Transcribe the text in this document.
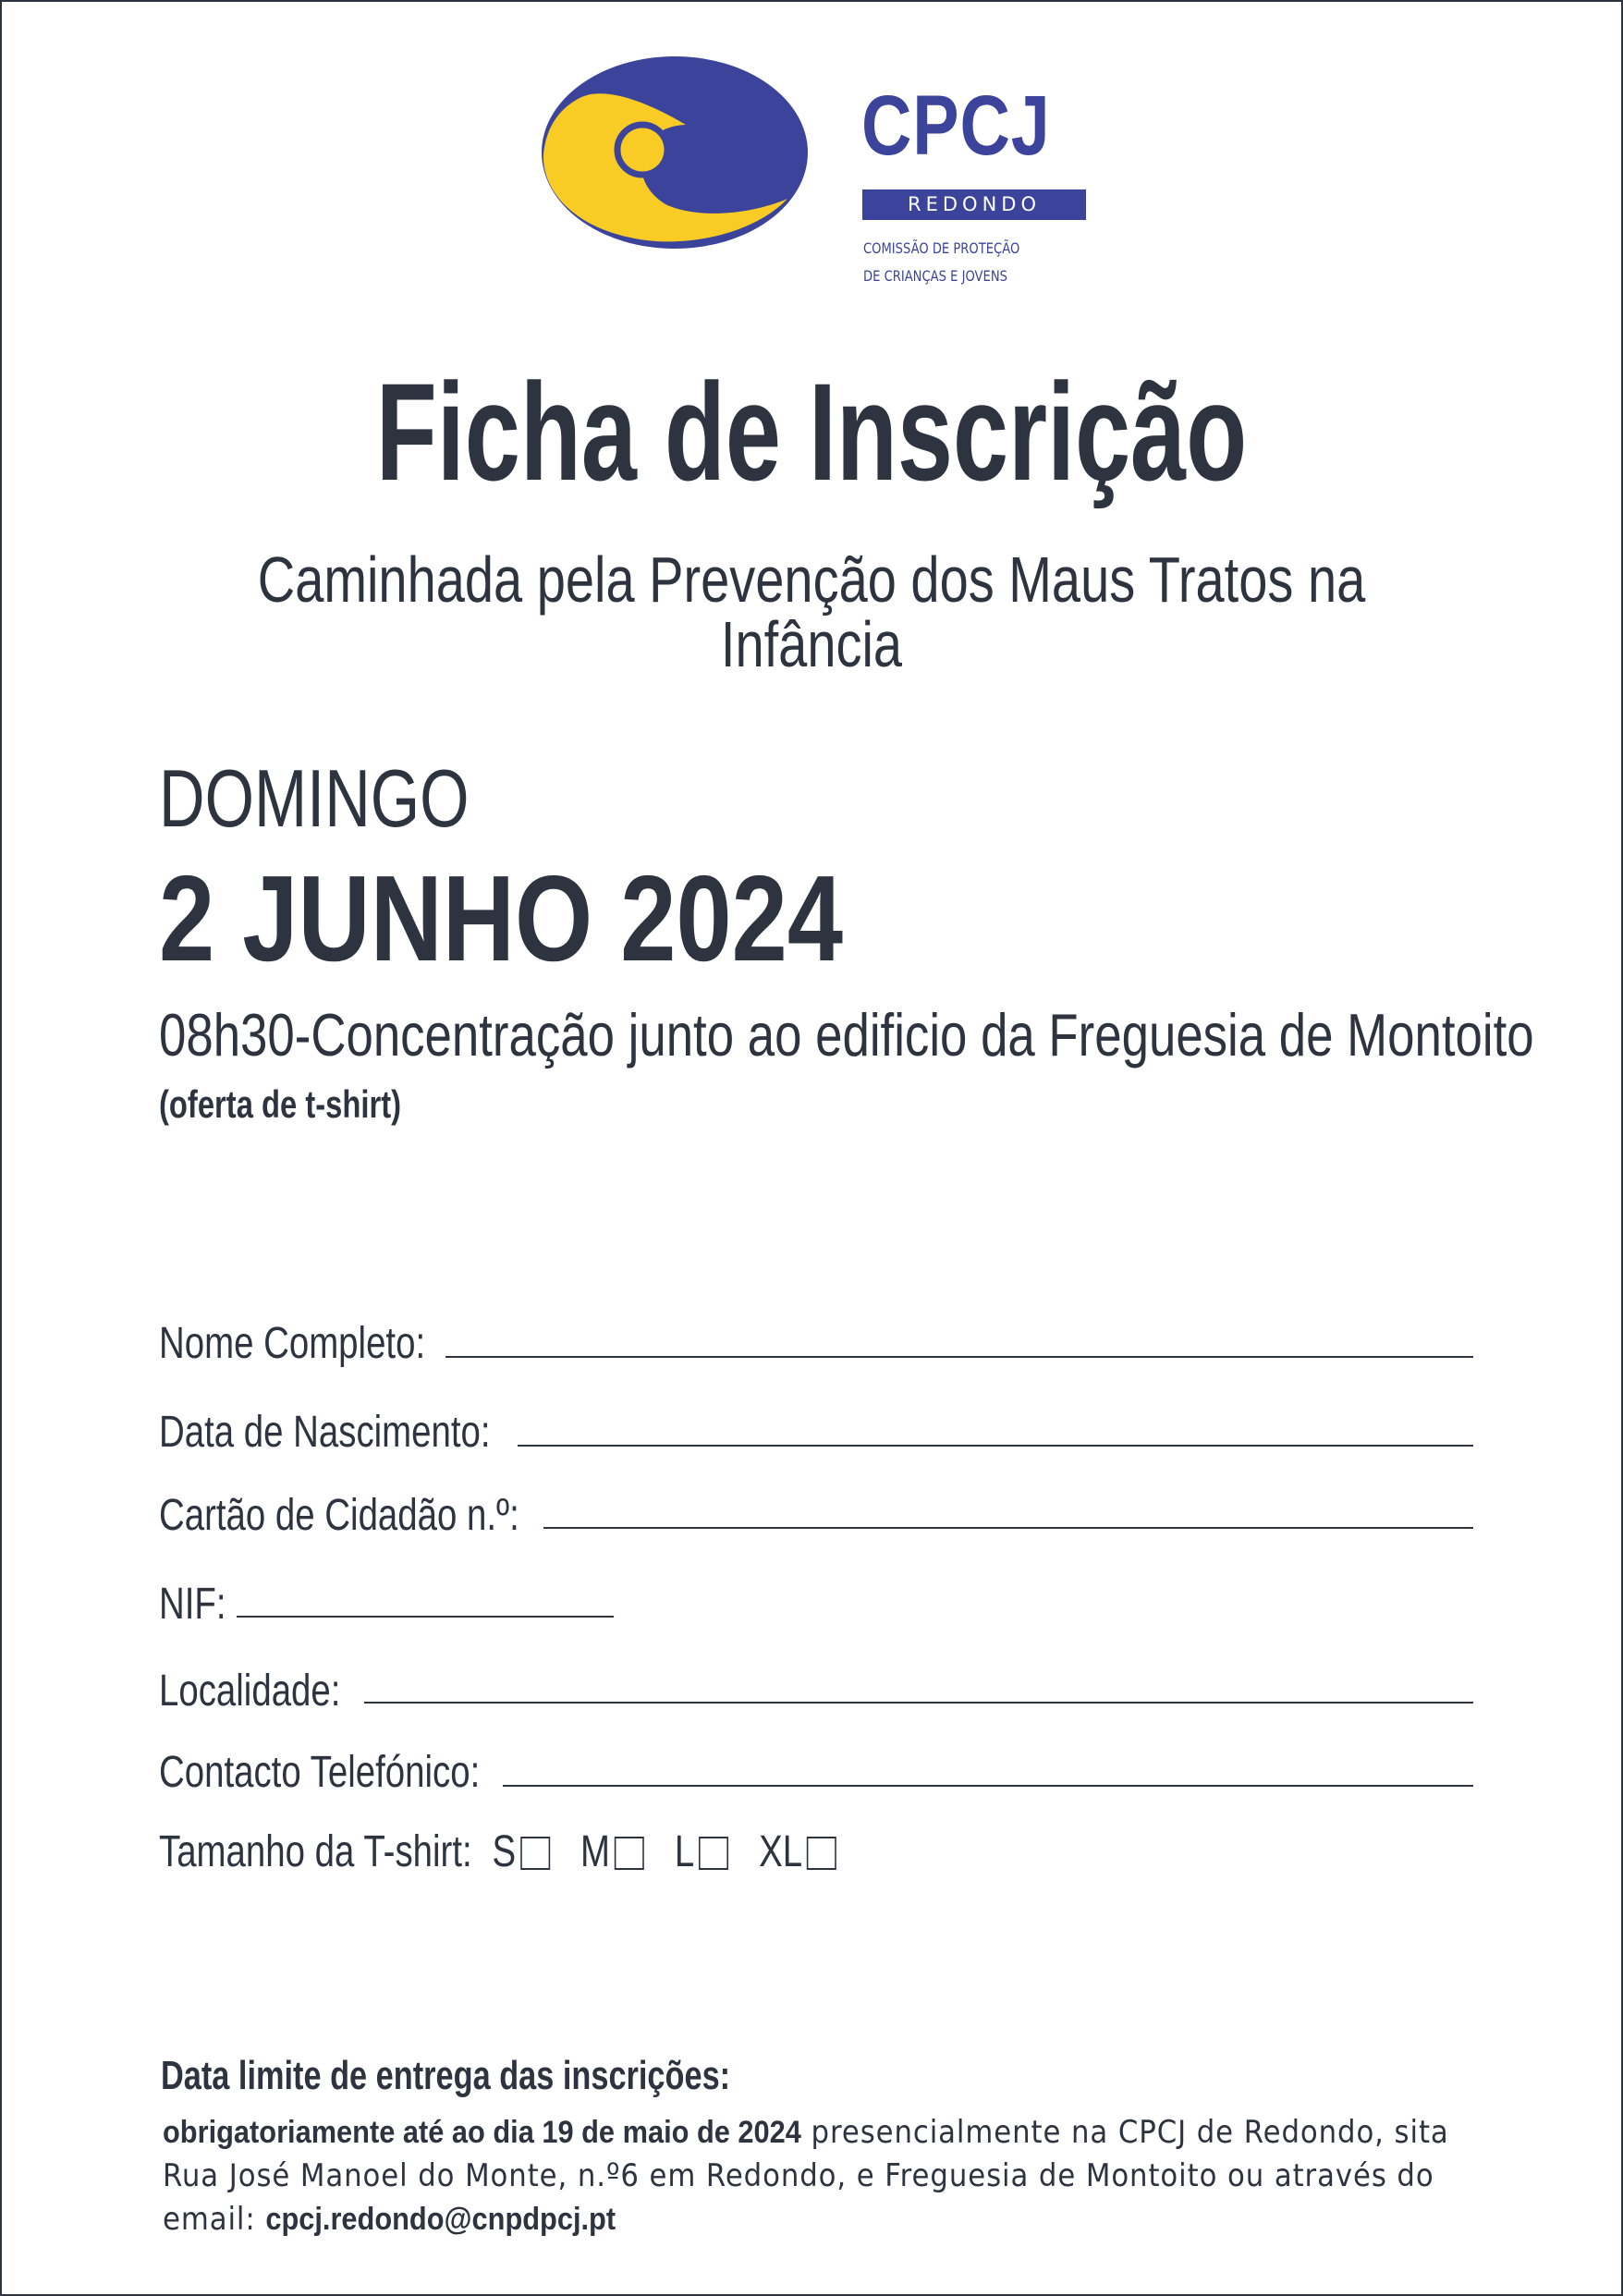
CPCJ
REDONDO
COMISSÃO DE PROTEÇÃO
DE CRIANÇAS E JOVENS
Ficha de Inscrição
Caminhada pela Prevenção dos Maus Tratos na Infância
DOMINGO
2 JUNHO 2024
08h30-Concentração junto ao edificio da Freguesia de Montoito
(oferta de t-shirt)
Nome Completo:
Data de Nascimento:
Cartão de Cidadão n.º:
NIF:
Localidade:
Contacto Telefónico:
Tamanho da T-shirt: S M L XL
Data limite de entrega das inscrições:
obrigatoriamente até ao dia 19 de maio de 2024 presencialmente na CPCJ de Redondo, sita
Rua José Manoel do Monte, n.º6 em Redondo, e Freguesia de Montoito ou através do
email: cpcj.redondo@cnpdpcj.pt
